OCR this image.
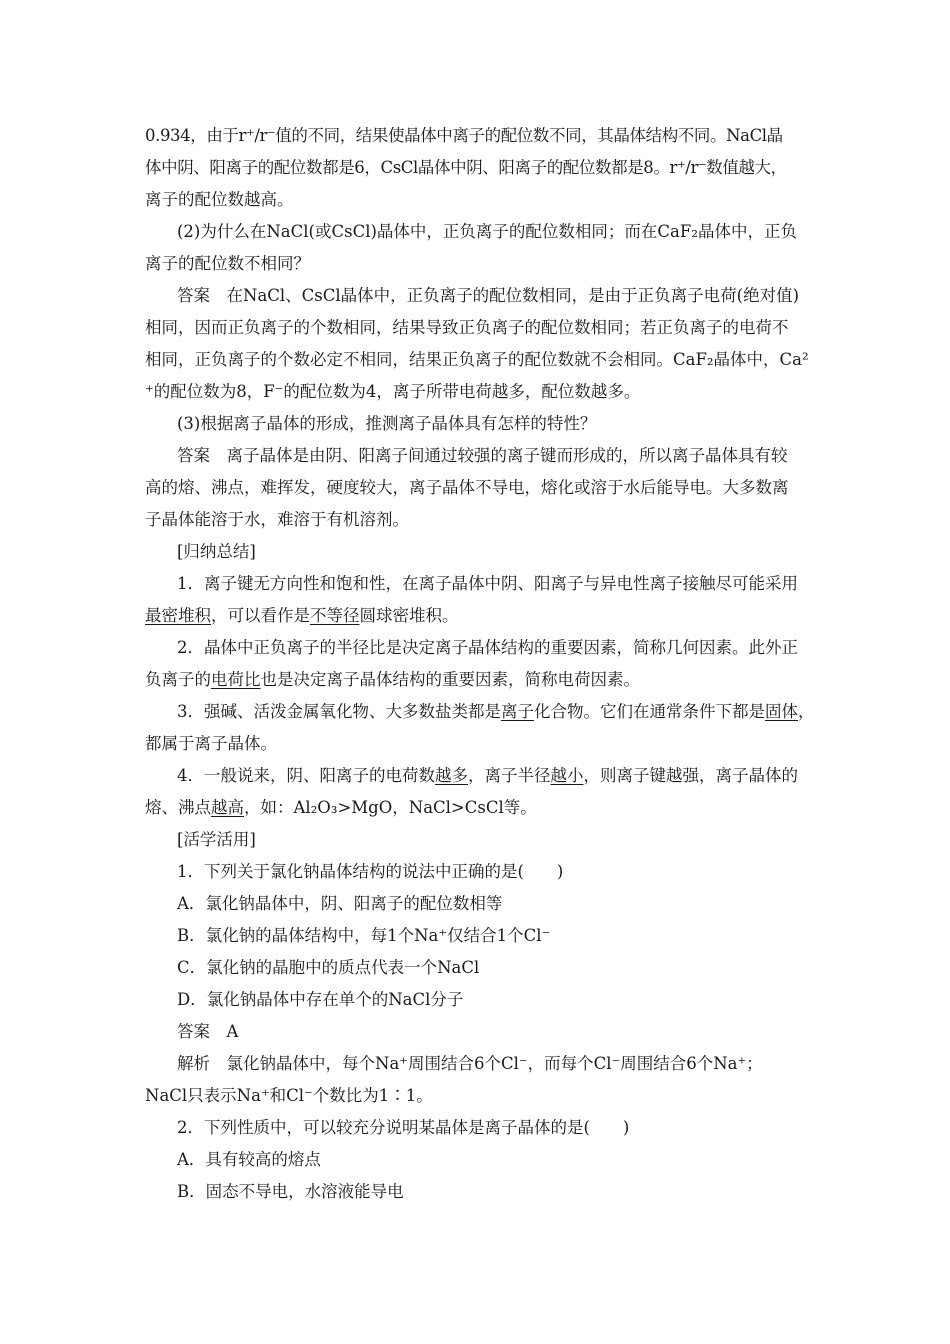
0.934，由于r⁺/r⁻值的不同，结果使晶体中离子的配位数不同，其晶体结构不同。NaCl晶
体中阴、阳离子的配位数都是6，CsCl晶体中阴、阳离子的配位数都是8。r⁺/r⁻数值越大，
离子的配位数越高。
(2)为什么在NaCl(或CsCl)晶体中，正负离子的配位数相同；而在CaF₂晶体中，正负
离子的配位数不相同？
答案　在NaCl、CsCl晶体中，正负离子的配位数相同，是由于正负离子电荷(绝对值)
相同，因而正负离子的个数相同，结果导致正负离子的配位数相同；若正负离子的电荷不
相同，正负离子的个数必定不相同，结果正负离子的配位数就不会相同。CaF₂晶体中，Ca²
⁺的配位数为8，F⁻的配位数为4，离子所带电荷越多，配位数越多。
(3)根据离子晶体的形成，推测离子晶体具有怎样的特性？
答案　离子晶体是由阴、阳离子间通过较强的离子键而形成的，所以离子晶体具有较
高的熔、沸点，难挥发，硬度较大，离子晶体不导电，熔化或溶于水后能导电。大多数离
子晶体能溶于水，难溶于有机溶剂。
[归纳总结]
1．离子键无方向性和饱和性，在离子晶体中阴、阳离子与异电性离子接触尽可能采用
最密堆积，可以看作是不等径圆球密堆积。
2．晶体中正负离子的半径比是决定离子晶体结构的重要因素，简称几何因素。此外正
负离子的电荷比也是决定离子晶体结构的重要因素，简称电荷因素。
3．强碱、活泼金属氧化物、大多数盐类都是离子化合物。它们在通常条件下都是固体，
都属于离子晶体。
4．一般说来，阴、阳离子的电荷数越多，离子半径越小，则离子键越强，离子晶体的
熔、沸点越高，如：Al₂O₃>MgO，NaCl>CsCl等。
[活学活用]
1．下列关于氯化钠晶体结构的说法中正确的是(　　)
A．氯化钠晶体中，阴、阳离子的配位数相等
B．氯化钠的晶体结构中，每1个Na⁺仅结合1个Cl⁻
C．氯化钠的晶胞中的质点代表一个NaCl
D．氯化钠晶体中存在单个的NaCl分子
答案　A
解析　氯化钠晶体中，每个Na⁺周围结合6个Cl⁻，而每个Cl⁻周围结合6个Na⁺；
NaCl只表示Na⁺和Cl⁻个数比为1∶1。
2．下列性质中，可以较充分说明某晶体是离子晶体的是(　　)
A．具有较高的熔点
B．固态不导电，水溶液能导电
